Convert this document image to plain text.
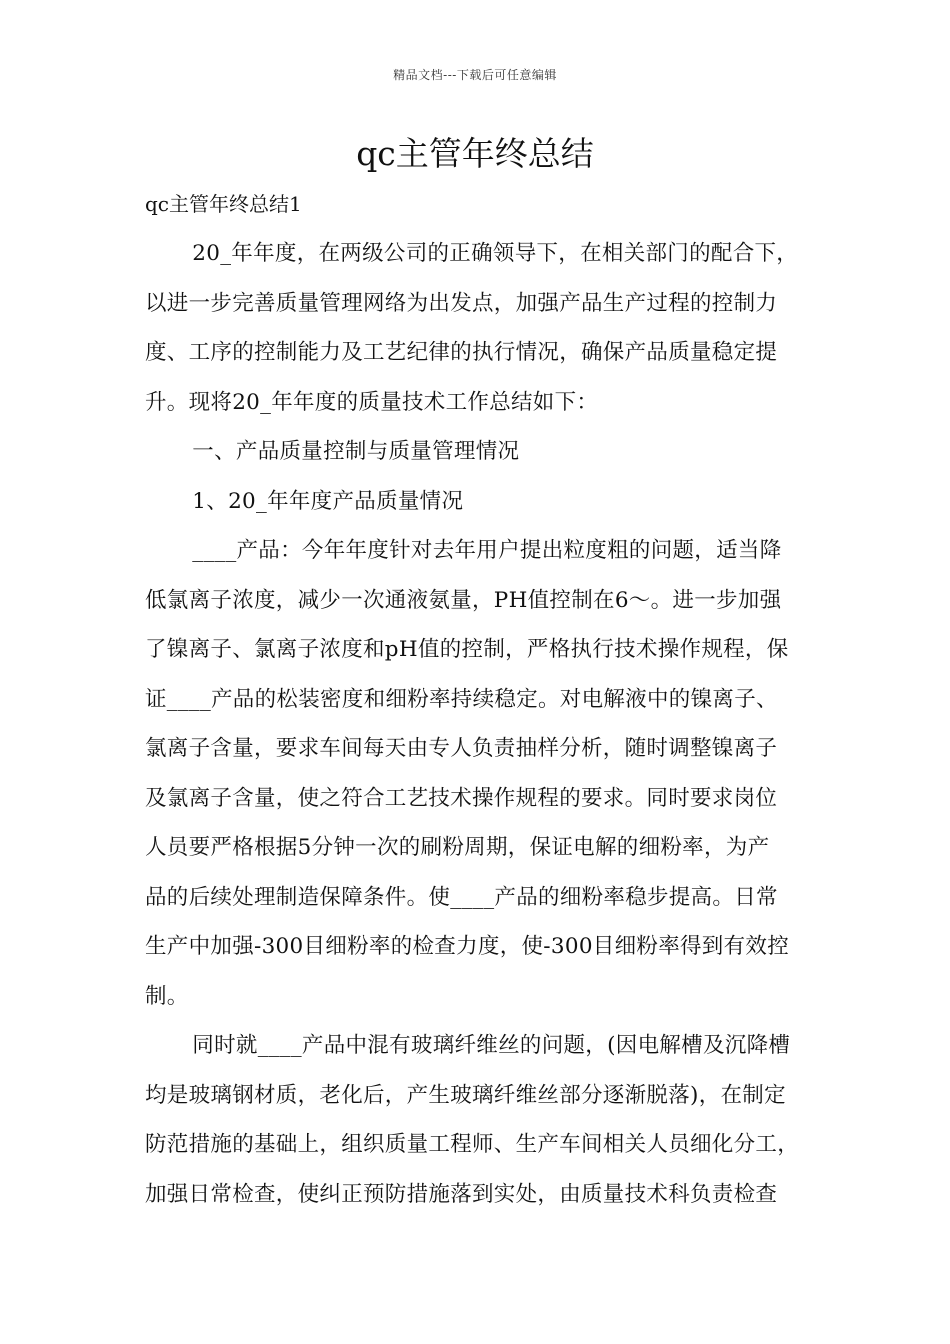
精品文档---下载后可任意编辑
qc主管年终总结

qc主管年终总结1

20_年年度，在两级公司的正确领导下，在相关部门的配合下，
以进一步完善质量管理网络为出发点，加强产品生产过程的控制力
度、工序的控制能力及工艺纪律的执行情况，确保产品质量稳定提
升。现将20_年年度的质量技术工作总结如下：

一、产品质量控制与质量管理情况

1、20_年年度产品质量情况

____产品：今年年度针对去年用户提出粒度粗的问题，适当降
低氯离子浓度，减少一次通液氨量，PH值控制在6～。进一步加强
了镍离子、氯离子浓度和pH值的控制，严格执行技术操作规程，保
证____产品的松装密度和细粉率持续稳定。对电解液中的镍离子、
氯离子含量，要求车间每天由专人负责抽样分析，随时调整镍离子
及氯离子含量，使之符合工艺技术操作规程的要求。同时要求岗位
人员要严格根据5分钟一次的刷粉周期，保证电解的细粉率，为产
品的后续处理制造保障条件。使____产品的细粉率稳步提高。日常
生产中加强-300目细粉率的检查力度，使-300目细粉率得到有效控
制。

同时就____产品中混有玻璃纤维丝的问题，(因电解槽及沉降槽
均是玻璃钢材质，老化后，产生玻璃纤维丝部分逐渐脱落)，在制定
防范措施的基础上，组织质量工程师、生产车间相关人员细化分工，
加强日常检查，使纠正预防措施落到实处，由质量技术科负责检查
